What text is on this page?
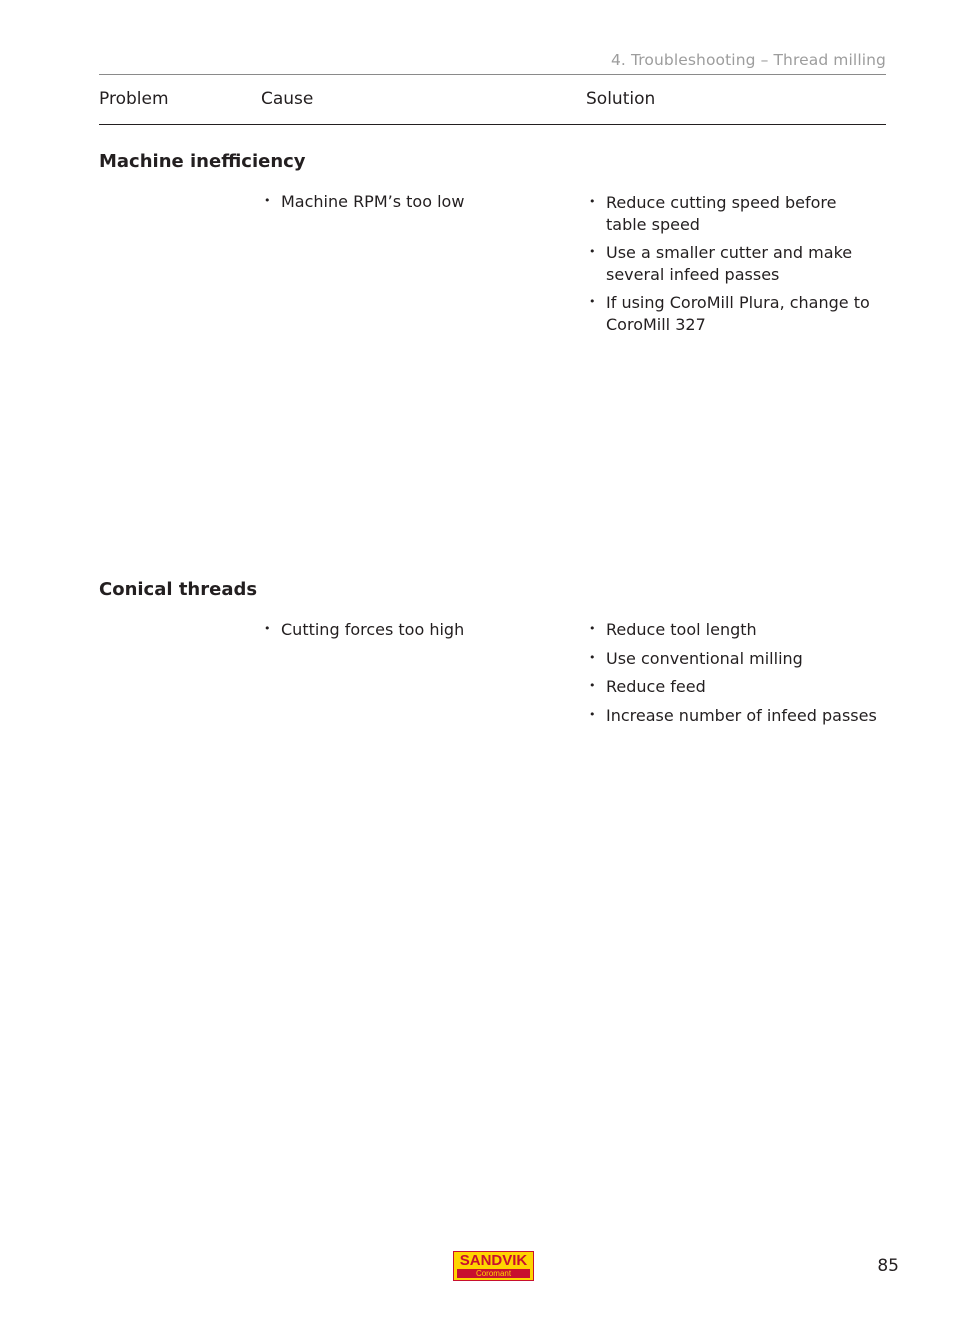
4. Troubleshooting – Thread milling
Problem	Cause	Solution
Machine inefficiency
• Machine RPM’s too low	• Reduce cutting speed before table speed
• Use a smaller cutter and make several infeed passes
• If using CoroMill Plura, change to CoroMill 327
Conical threads
• Cutting forces too high	• Reduce tool length
• Use conventional milling
• Reduce feed
• Increase number of infeed passes
SANDVIK
Coromant	85
